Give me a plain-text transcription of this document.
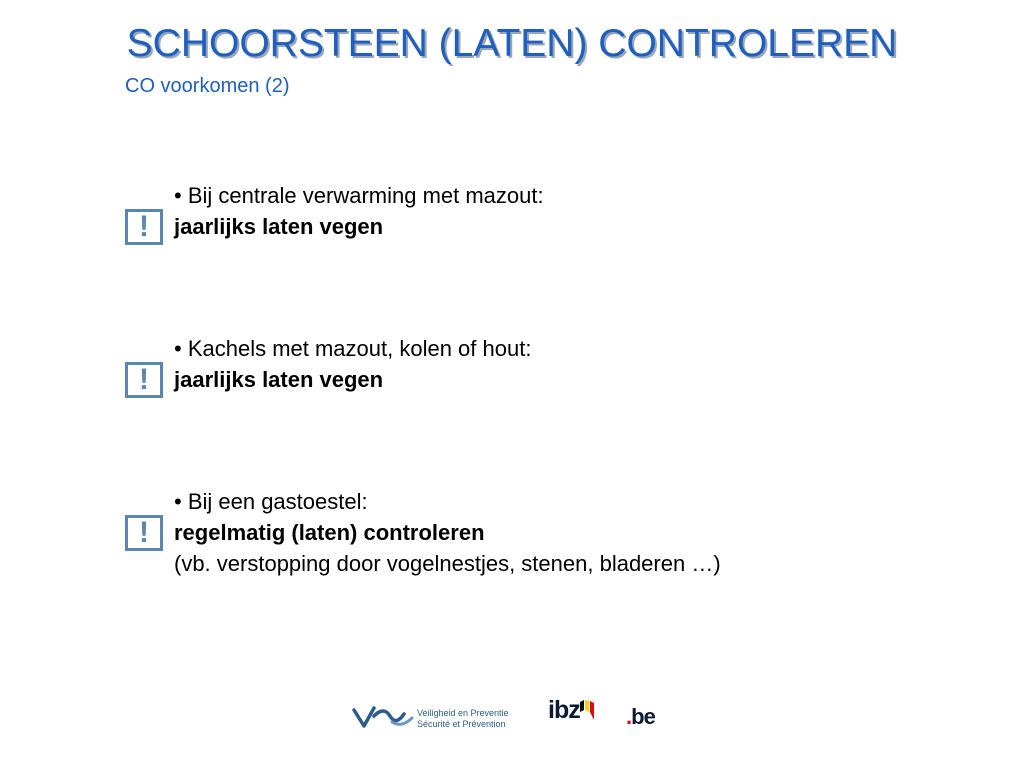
SCHOORSTEEN (LATEN) CONTROLEREN

CO voorkomen (2)

!
• Bij centrale verwarming met mazout:
jaarlijks laten vegen
!
• Kachels met mazout, kolen of hout:
jaarlijks laten vegen
!
• Bij een gastoestel:
regelmatig (laten) controleren
(vb. verstopping door vogelnestjes, stenen, bladeren …)
Veiligheid en Preventie
Sécurité et Prévention ibz .be
